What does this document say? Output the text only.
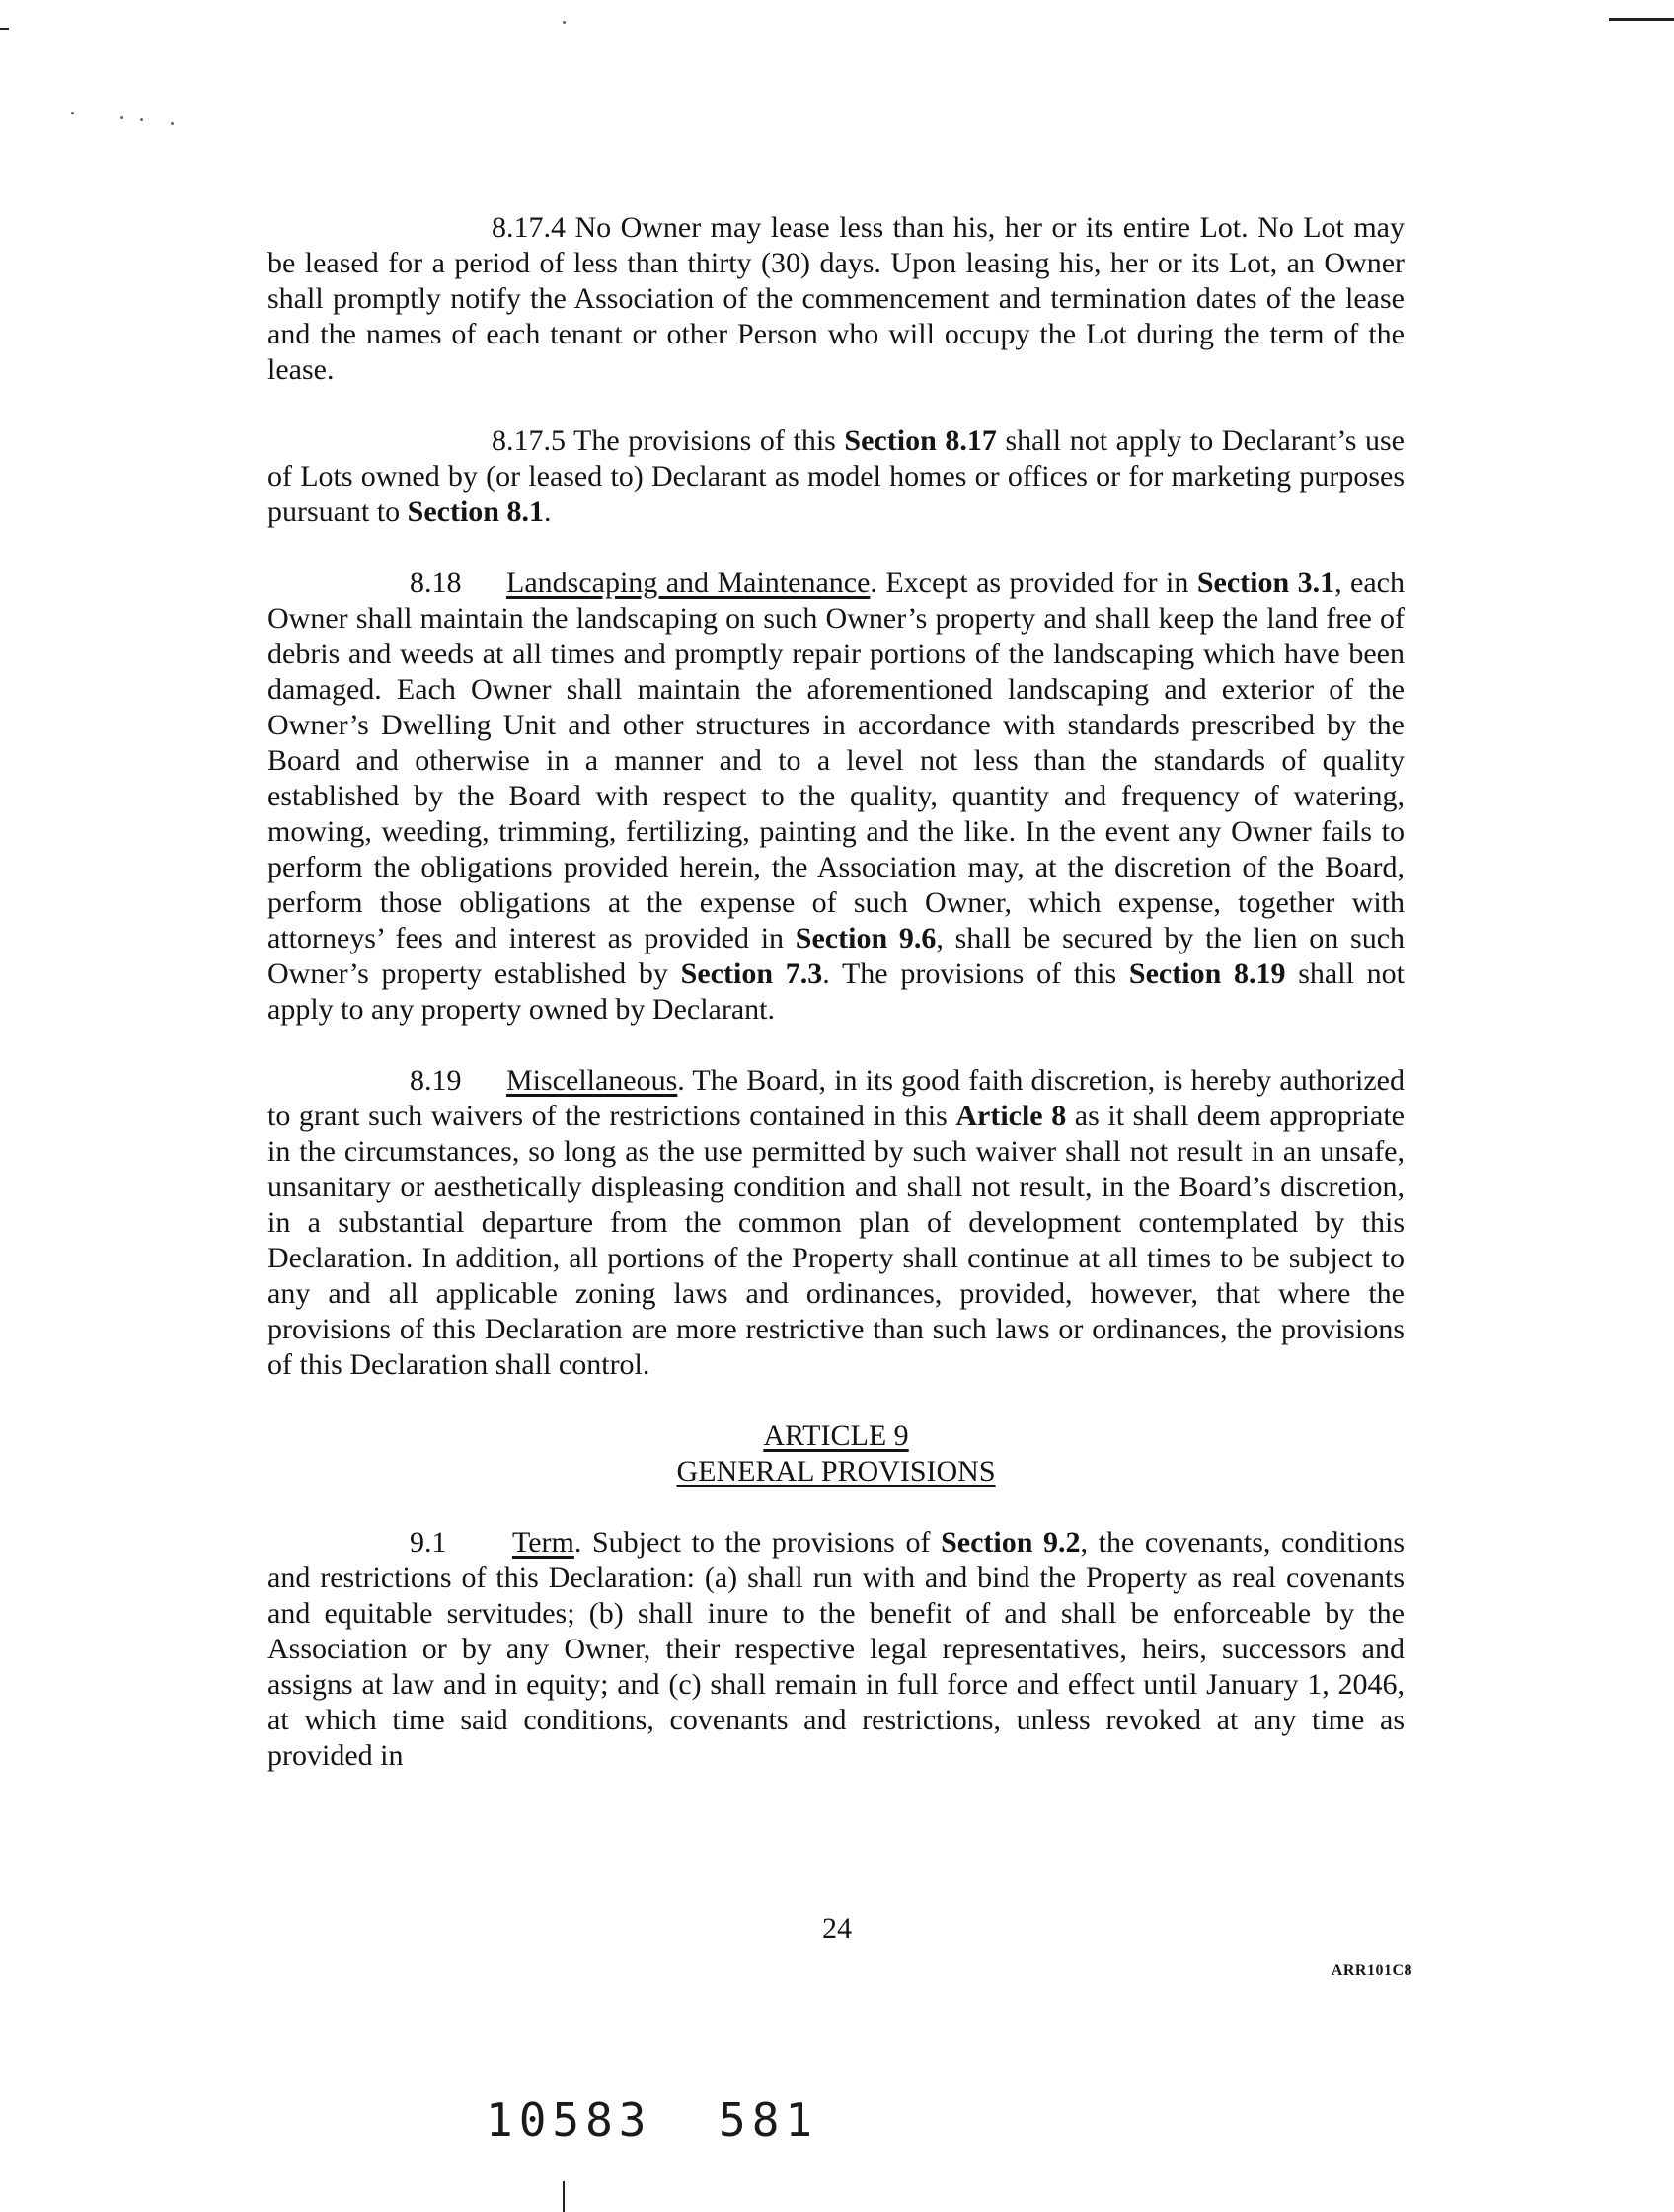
8.17.4 No Owner may lease less than his, her or its entire Lot. No Lot may be leased for a period of less than thirty (30) days. Upon leasing his, her or its Lot, an Owner shall promptly notify the Association of the commencement and termination dates of the lease and the names of each tenant or other Person who will occupy the Lot during the term of the lease.

8.17.5 The provisions of this Section 8.17 shall not apply to Declarant’s use of Lots owned by (or leased to) Declarant as model homes or offices or for marketing purposes pursuant to Section 8.1.

8.18 Landscaping and Maintenance. Except as provided for in Section 3.1, each Owner shall maintain the landscaping on such Owner’s property and shall keep the land free of debris and weeds at all times and promptly repair portions of the landscaping which have been damaged. Each Owner shall maintain the aforementioned landscaping and exterior of the Owner’s Dwelling Unit and other structures in accordance with standards prescribed by the Board and otherwise in a manner and to a level not less than the standards of quality established by the Board with respect to the quality, quantity and frequency of watering, mowing, weeding, trimming, fertilizing, painting and the like. In the event any Owner fails to perform the obligations provided herein, the Association may, at the discretion of the Board, perform those obligations at the expense of such Owner, which expense, together with attorneys’ fees and interest as provided in Section 9.6, shall be secured by the lien on such Owner’s property established by Section 7.3. The provisions of this Section 8.19 shall not apply to any property owned by Declarant.

8.19 Miscellaneous. The Board, in its good faith discretion, is hereby authorized to grant such waivers of the restrictions contained in this Article 8 as it shall deem appropriate in the circumstances, so long as the use permitted by such waiver shall not result in an unsafe, unsanitary or aesthetically displeasing condition and shall not result, in the Board’s discretion, in a substantial departure from the common plan of development contemplated by this Declaration. In addition, all portions of the Property shall continue at all times to be subject to any and all applicable zoning laws and ordinances, provided, however, that where the provisions of this Declaration are more restrictive than such laws or ordinances, the provisions of this Declaration shall control.

ARTICLE 9
GENERAL PROVISIONS

9.1 Term. Subject to the provisions of Section 9.2, the covenants, conditions and restrictions of this Declaration: (a) shall run with and bind the Property as real covenants and equitable servitudes; (b) shall inure to the benefit of and shall be enforceable by the Association or by any Owner, their respective legal representatives, heirs, successors and assigns at law and in equity; and (c) shall remain in full force and effect until January 1, 2046, at which time said conditions, covenants and restrictions, unless revoked at any time as provided in

24
ARR101C8
10583 581
